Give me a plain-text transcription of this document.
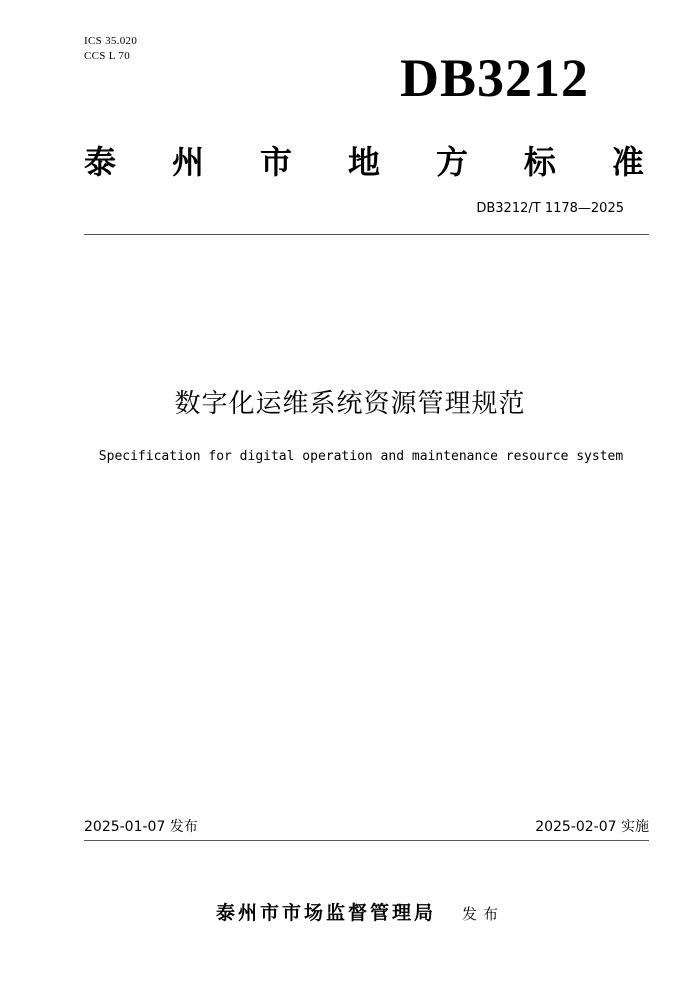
ICS 35.020
CCS L 70	DB3212
泰 州 市 地 方 标 准
DB3212/T 1178—2025
数字化运维系统资源管理规范
Specification for digital operation and maintenance resource system
2025-01-07 发布	2025-02-07 实施
泰州市市场监督管理局 发布
